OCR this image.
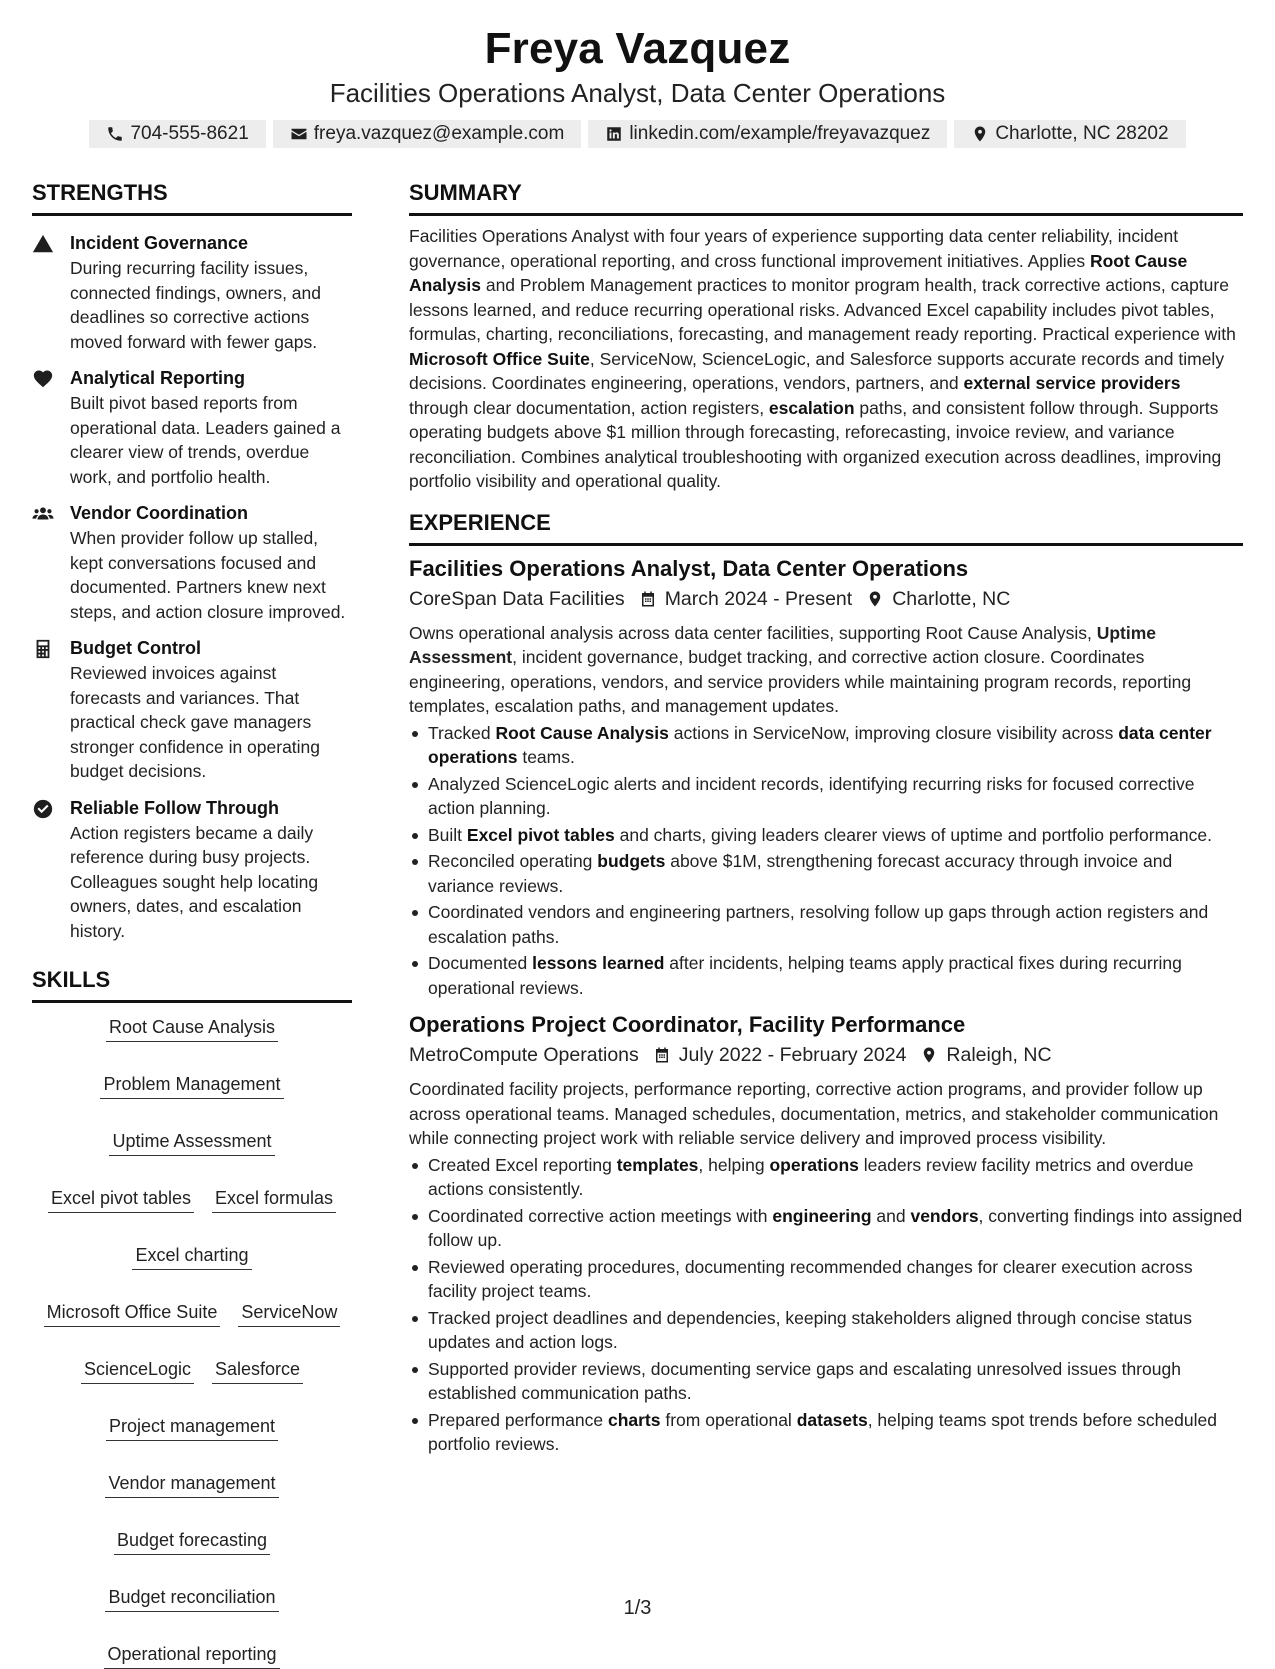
Freya Vazquez
Facilities Operations Analyst, Data Center Operations
704-555-8621	freya.vazquez@example.com	linkedin.com/example/freyavazquez	Charlotte, NC 28202
STRENGTHS
Incident Governance
During recurring facility issues, connected findings, owners, and deadlines so corrective actions moved forward with fewer gaps.
Analytical Reporting
Built pivot based reports from operational data. Leaders gained a clearer view of trends, overdue work, and portfolio health.
Vendor Coordination
When provider follow up stalled, kept conversations focused and documented. Partners knew next steps, and action closure improved.
Budget Control
Reviewed invoices against forecasts and variances. That practical check gave managers stronger confidence in operating budget decisions.
Reliable Follow Through
Action registers became a daily reference during busy projects. Colleagues sought help locating owners, dates, and escalation history.
SKILLS
Root Cause Analysis
Problem Management
Uptime Assessment
Excel pivot tables Excel formulas
Excel charting
Microsoft Office Suite ServiceNow
ScienceLogic Salesforce
Project management
Vendor management
Budget forecasting
Budget reconciliation
Operational reporting
SUMMARY

Facilities Operations Analyst with four years of experience supporting data center reliability, incident governance, operational reporting, and cross functional improvement initiatives. Applies Root Cause Analysis and Problem Management practices to monitor program health, track corrective actions, capture lessons learned, and reduce recurring operational risks. Advanced Excel capability includes pivot tables, formulas, charting, reconciliations, forecasting, and management ready reporting. Practical experience with Microsoft Office Suite, ServiceNow, ScienceLogic, and Salesforce supports accurate records and timely decisions. Coordinates engineering, operations, vendors, partners, and external service providers through clear documentation, action registers, escalation paths, and consistent follow through. Supports operating budgets above $1 million through forecasting, reforecasting, invoice review, and variance reconciliation. Combines analytical troubleshooting with organized execution across deadlines, improving portfolio visibility and operational quality.

EXPERIENCE
Facilities Operations Analyst, Data Center Operations
CoreSpan Data Facilities March 2024 - Present Charlotte, NC
Owns operational analysis across data center facilities, supporting Root Cause Analysis, Uptime Assessment, incident governance, budget tracking, and corrective action closure. Coordinates engineering, operations, vendors, and service providers while maintaining program records, reporting templates, escalation paths, and management updates.
Tracked Root Cause Analysis actions in ServiceNow, improving closure visibility across data center operations teams.
Analyzed ScienceLogic alerts and incident records, identifying recurring risks for focused corrective action planning.
Built Excel pivot tables and charts, giving leaders clearer views of uptime and portfolio performance.
Reconciled operating budgets above $1M, strengthening forecast accuracy through invoice and variance reviews.
Coordinated vendors and engineering partners, resolving follow up gaps through action registers and escalation paths.
Documented lessons learned after incidents, helping teams apply practical fixes during recurring operational reviews.
Operations Project Coordinator, Facility Performance
MetroCompute Operations July 2022 - February 2024 Raleigh, NC
Coordinated facility projects, performance reporting, corrective action programs, and provider follow up across operational teams. Managed schedules, documentation, metrics, and stakeholder communication while connecting project work with reliable service delivery and improved process visibility.
Created Excel reporting templates, helping operations leaders review facility metrics and overdue actions consistently.
Coordinated corrective action meetings with engineering and vendors, converting findings into assigned follow up.
Reviewed operating procedures, documenting recommended changes for clearer execution across facility project teams.
Tracked project deadlines and dependencies, keeping stakeholders aligned through concise status updates and action logs.
Supported provider reviews, documenting service gaps and escalating unresolved issues through established communication paths.
Prepared performance charts from operational datasets, helping teams spot trends before scheduled portfolio reviews.
1/3
